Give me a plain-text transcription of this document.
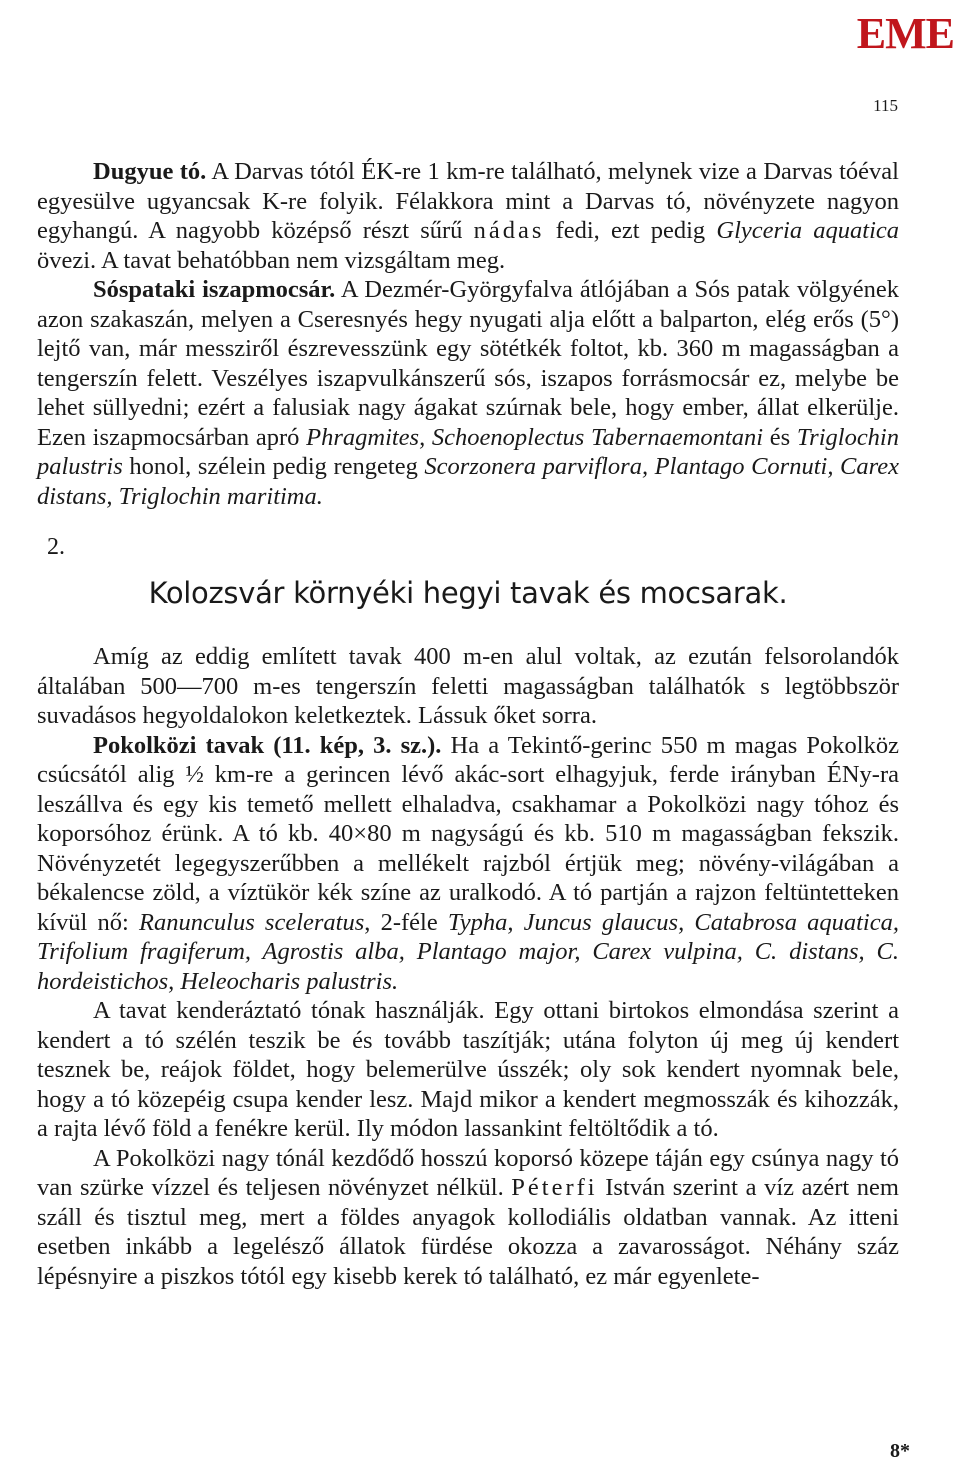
EME
115

Dugyue tó. A Darvas tótól ÉK-re 1 km-re található, melynek vize a Darvas tóéval egyesülve ugyancsak K-re folyik. Félakkora mint a Darvas tó, növényzete nagyon egyhangú. A nagyobb középső részt sűrű nádas fedi, ezt pedig Glyceria aquatica övezi. A tavat behatóbban nem vizsgáltam meg.

Sóspataki iszapmocsár. A Dezmér-Györgyfalva átlójában a Sós patak völgyének azon szakaszán, melyen a Cseresnyés hegy nyugati alja előtt a balparton, elég erős (5°) lejtő van, már messziről észrevesszünk egy sötétkék foltot, kb. 360 m magasságban a tengerszín felett. Veszélyes iszapvulkánszerű sós, iszapos forrásmocsár ez, melybe be lehet süllyedni; ezért a falusiak nagy ágakat szúrnak bele, hogy ember, állat elkerülje. Ezen iszapmocsárban apró Phragmites, Schoenoplectus Tabernaemontani és Triglochin palustris honol, szélein pedig rengeteg Scorzonera parviflora, Plantago Cornuti, Carex distans, Triglochin maritima.

2.

Kolozsvár környéki hegyi tavak és mocsarak.

Amíg az eddig említett tavak 400 m-en alul voltak, az ezután felsorolandók általában 500—700 m-es tengerszín feletti magasságban találhatók s legtöbbször suvadásos hegyoldalokon keletkeztek. Lássuk őket sorra.

Pokolközi tavak (11. kép, 3. sz.). Ha a Tekintő-gerinc 550 m magas Pokolköz csúcsától alig ½ km-re a gerincen lévő akác-sort elhagyjuk, ferde irányban ÉNy-ra leszállva és egy kis temető mellett elhaladva, csakhamar a Pokolközi nagy tóhoz és koporsóhoz érünk. A tó kb. 40×80 m nagyságú és kb. 510 m magasságban fekszik. Növényzetét legegyszerűbben a mellékelt rajzból értjük meg; növény-világában a békalencse zöld, a víztükör kék színe az uralkodó. A tó partján a rajzon feltüntetteken kívül nő: Ranunculus sceleratus, 2-féle Typha, Juncus glaucus, Catabrosa aquatica, Trifolium fragiferum, Agrostis alba, Plantago major, Carex vulpina, C. distans, C. hordeistichos, Heleocharis palustris.

A tavat kenderáztató tónak használják. Egy ottani birtokos elmondása szerint a kendert a tó szélén teszik be és tovább taszítják; utána folyton új meg új kendert tesznek be, reájok földet, hogy belemerülve ússzék; oly sok kendert nyomnak bele, hogy a tó közepéig csupa kender lesz. Majd mikor a kendert megmosszák és kihozzák, a rajta lévő föld a fenékre kerül. Ily módon lassankint feltöltődik a tó.

A Pokolközi nagy tónál kezdődő hosszú koporsó közepe táján egy csúnya nagy tó van szürke vízzel és teljesen növényzet nélkül. Péterfi István szerint a víz azért nem száll és tisztul meg, mert a földes anyagok kollodiális oldatban vannak. Az itteni esetben inkább a legelésző állatok fürdése okozza a zavarosságot. Néhány száz lépésnyire a piszkos tótól egy kisebb kerek tó található, ez már egyenlete-

8*
